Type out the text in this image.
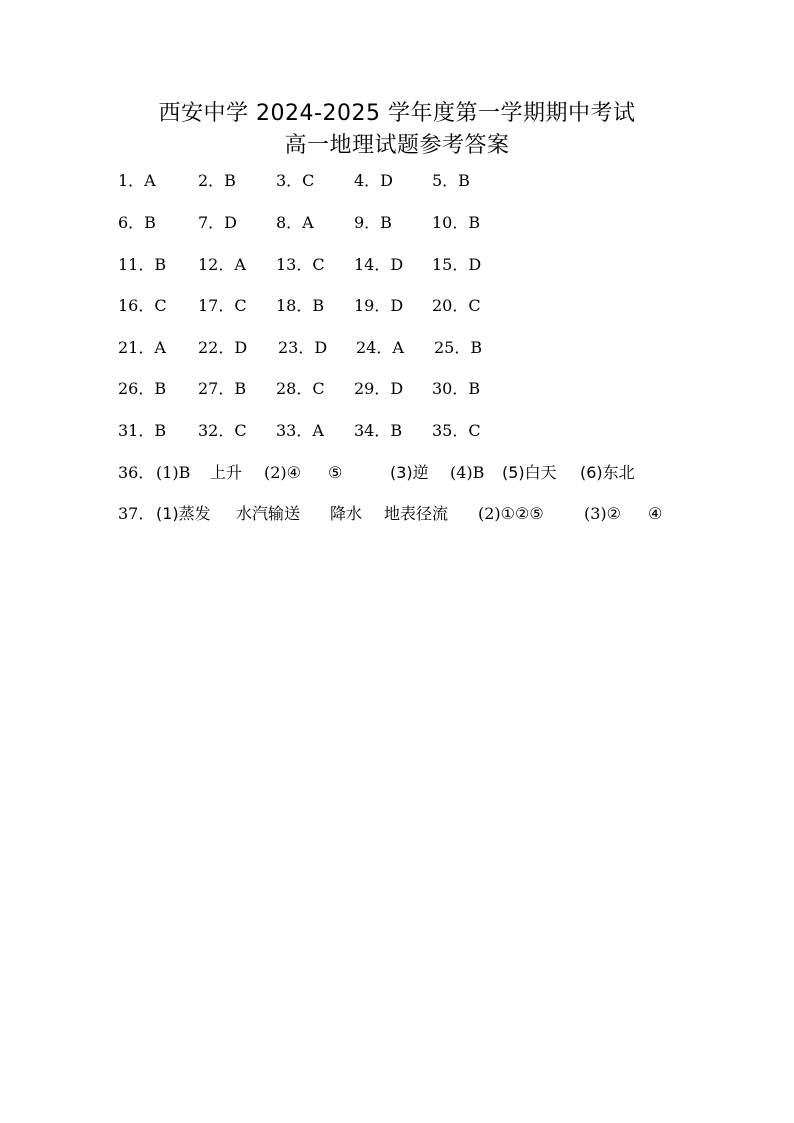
西安中学 2024-2025 学年度第一学期期中考试
高一地理试题参考答案
1．A	2．B	3．C 4．D 5．B
6．B	7．D 8．A	9．B	10．B
11．B 12．A 13．C 14．D 15．D
16．C 17．C 18．B 19．D 20．C
21．A 22．D 23．D 24．A 25．B
26．B 27．B 28．C 29．D 30．B
31．B 32．C 33．A 34．B 35．C
36． (1)B 上升 (2)④ ⑤	(3)逆 (4)B (5)白天 (6)东北
37． (1)蒸发 水汽输送 降水 地表径流 (2)①②⑤	(3)② ④
